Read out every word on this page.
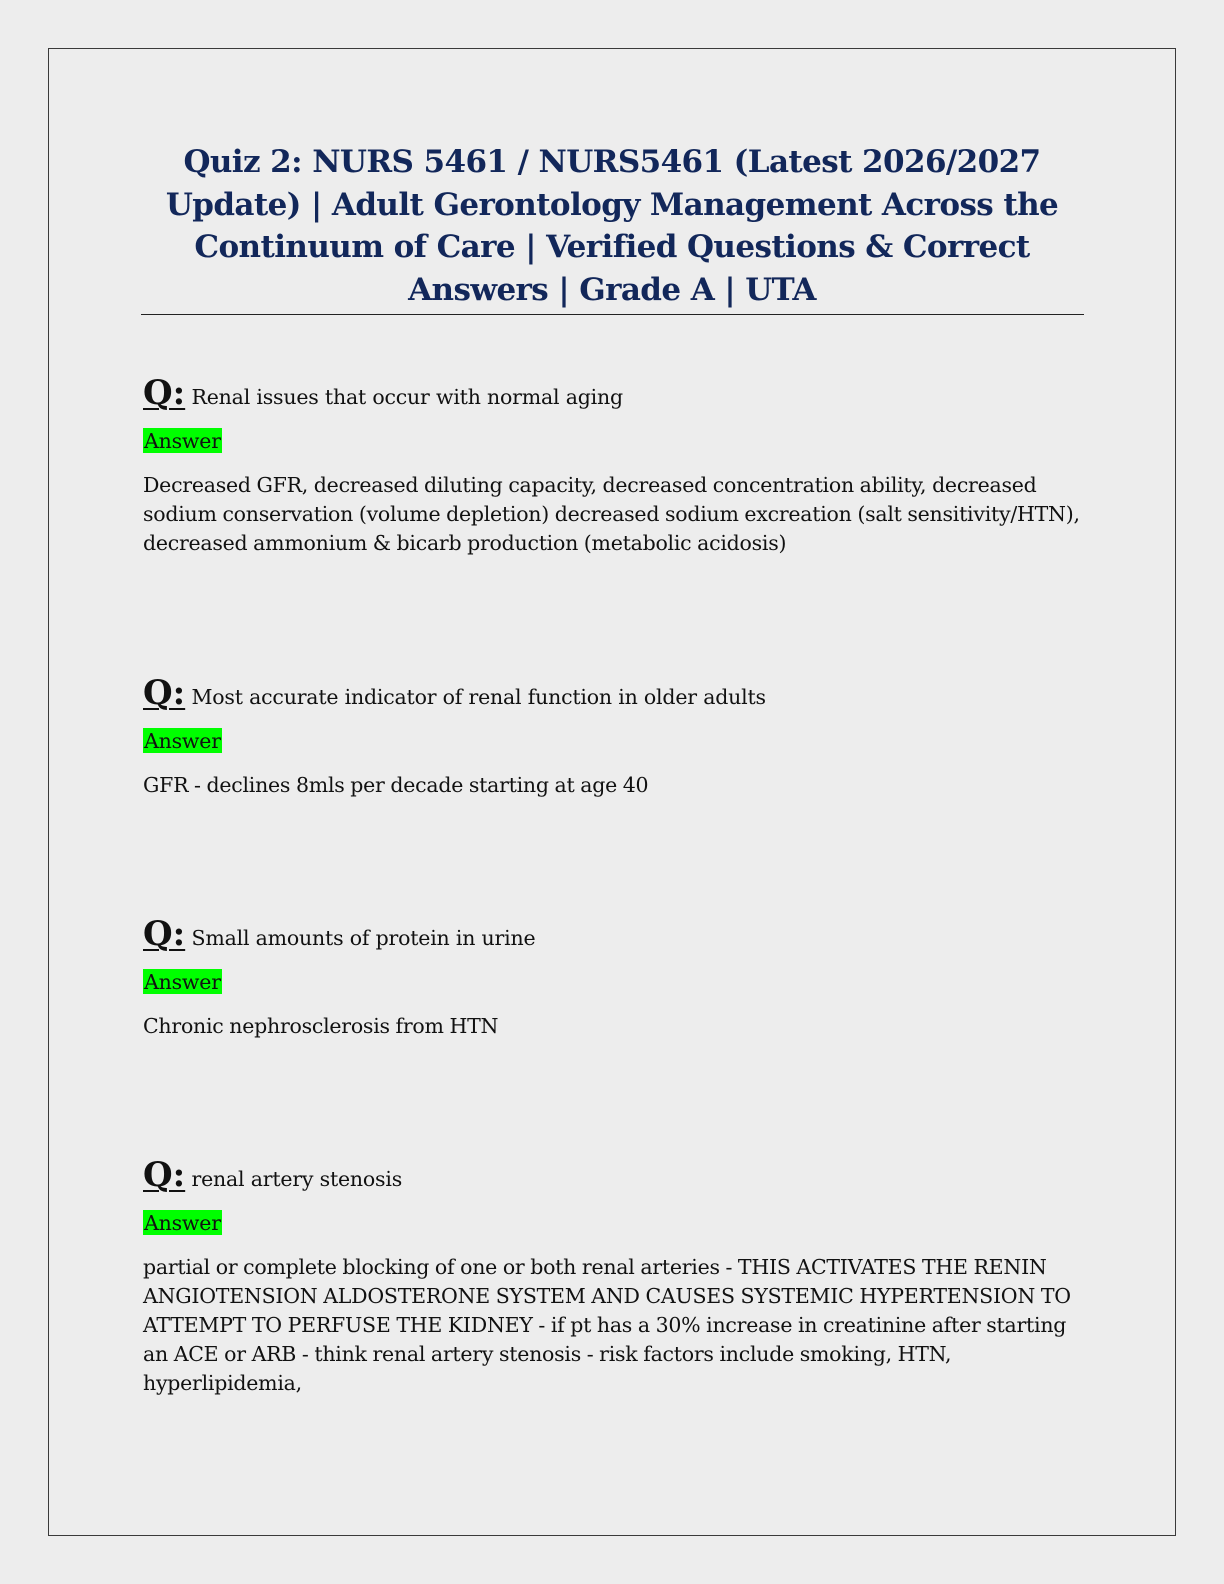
Quiz 2: NURS 5461 / NURS5461 (Latest 2026/2027 Update) | Adult Gerontology Management Across the Continuum of Care | Verified Questions & Correct Answers | Grade A | UTA

Q: Renal issues that occur with normal aging

Answer

Decreased GFR, decreased diluting capacity, decreased concentration ability, decreased sodium conservation (volume depletion) decreased sodium excreation (salt sensitivity/HTN), decreased ammonium & bicarb production (metabolic acidosis)

Q: Most accurate indicator of renal function in older adults

Answer

GFR - declines 8mls per decade starting at age 40

Q: Small amounts of protein in urine

Answer

Chronic nephrosclerosis from HTN

Q: renal artery stenosis

Answer

partial or complete blocking of one or both renal arteries - THIS ACTIVATES THE RENIN ANGIOTENSION ALDOSTERONE SYSTEM AND CAUSES SYSTEMIC HYPERTENSION TO ATTEMPT TO PERFUSE THE KIDNEY - if pt has a 30% increase in creatinine after starting an ACE or ARB - think renal artery stenosis - risk factors include smoking, HTN, hyperlipidemia,
